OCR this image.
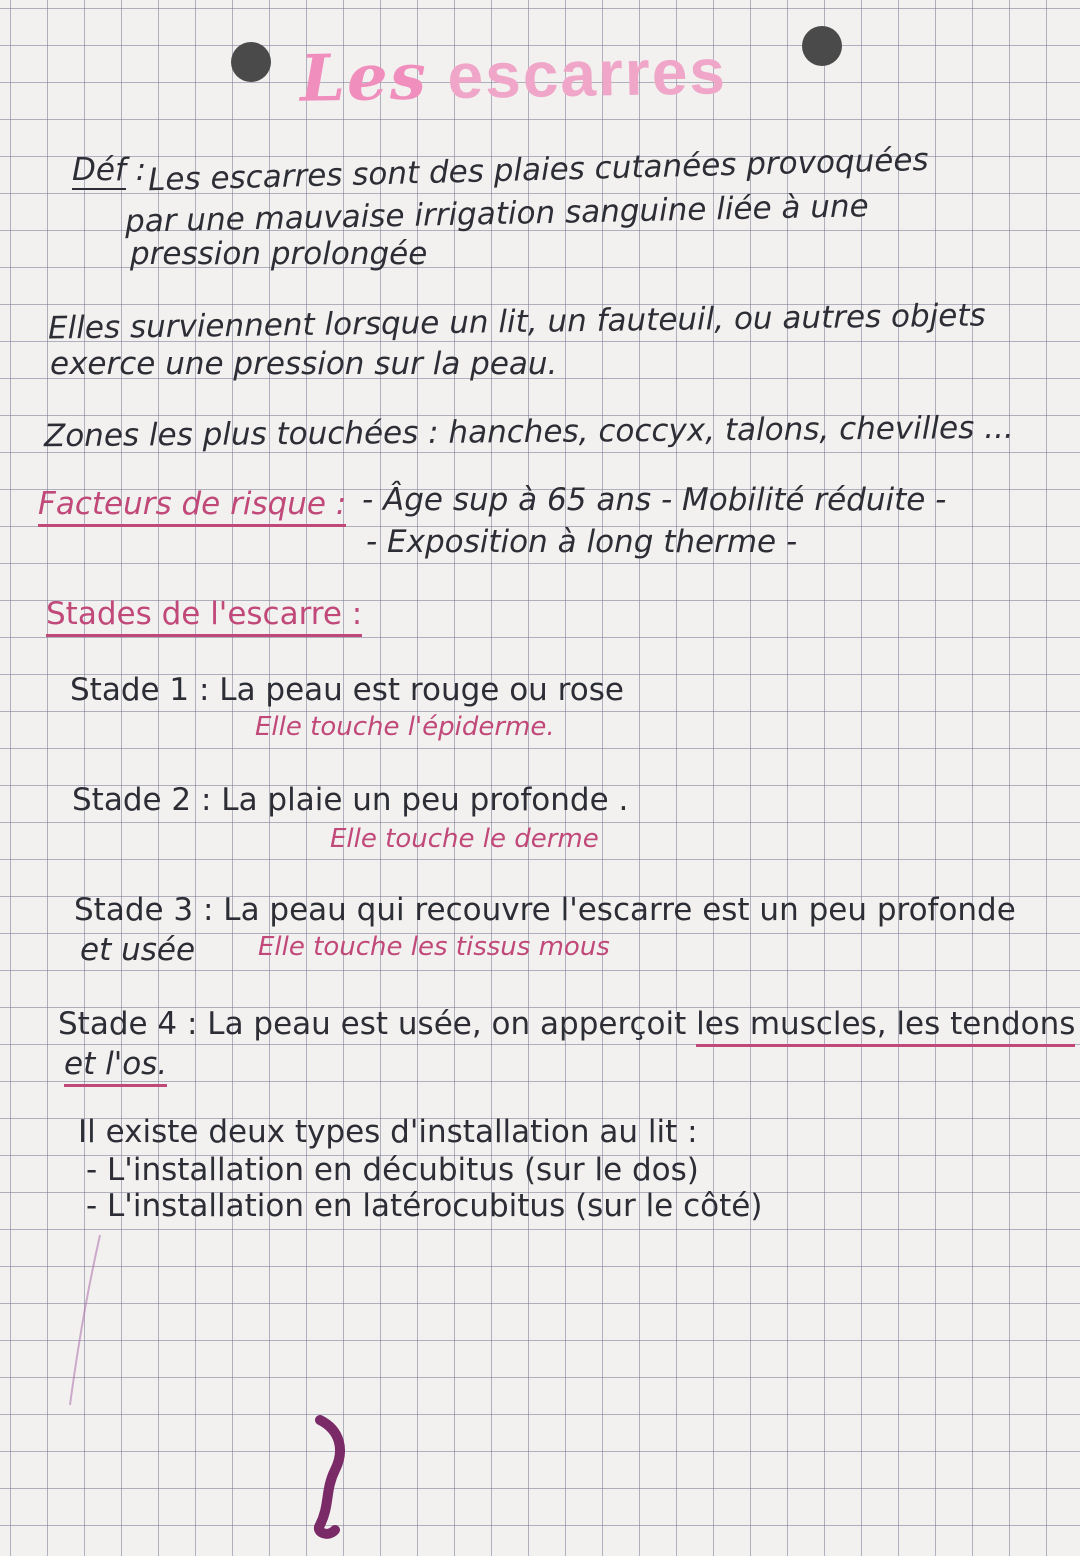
Les escarres
Déf : Les escarres sont des plaies cutanées provoquées
par une mauvaise irrigation sanguine liée à une
pression prolongée
Elles surviennent lorsque un lit, un fauteuil, ou autres objets
exerce une pression sur la peau.
Zones les plus touchées : hanches, coccyx, talons, chevilles ...
Facteurs de risque : - Âge sup à 65 ans - Mobilité réduite -
- Exposition à long therme -
Stades de l'escarre :
Stade 1 : La peau est rouge ou rose
Elle touche l'épiderme.
Stade 2 : La plaie un peu profonde .
Elle touche le derme
Stade 3 : La peau qui recouvre l'escarre est un peu profonde
et usée Elle touche les tissus mous
Stade 4 : La peau est usée, on apperçoit les muscles, les tendons
et l'os.
Il existe deux types d'installation au lit :
- L'installation en décubitus (sur le dos)
- L'installation en latérocubitus (sur le côté)
